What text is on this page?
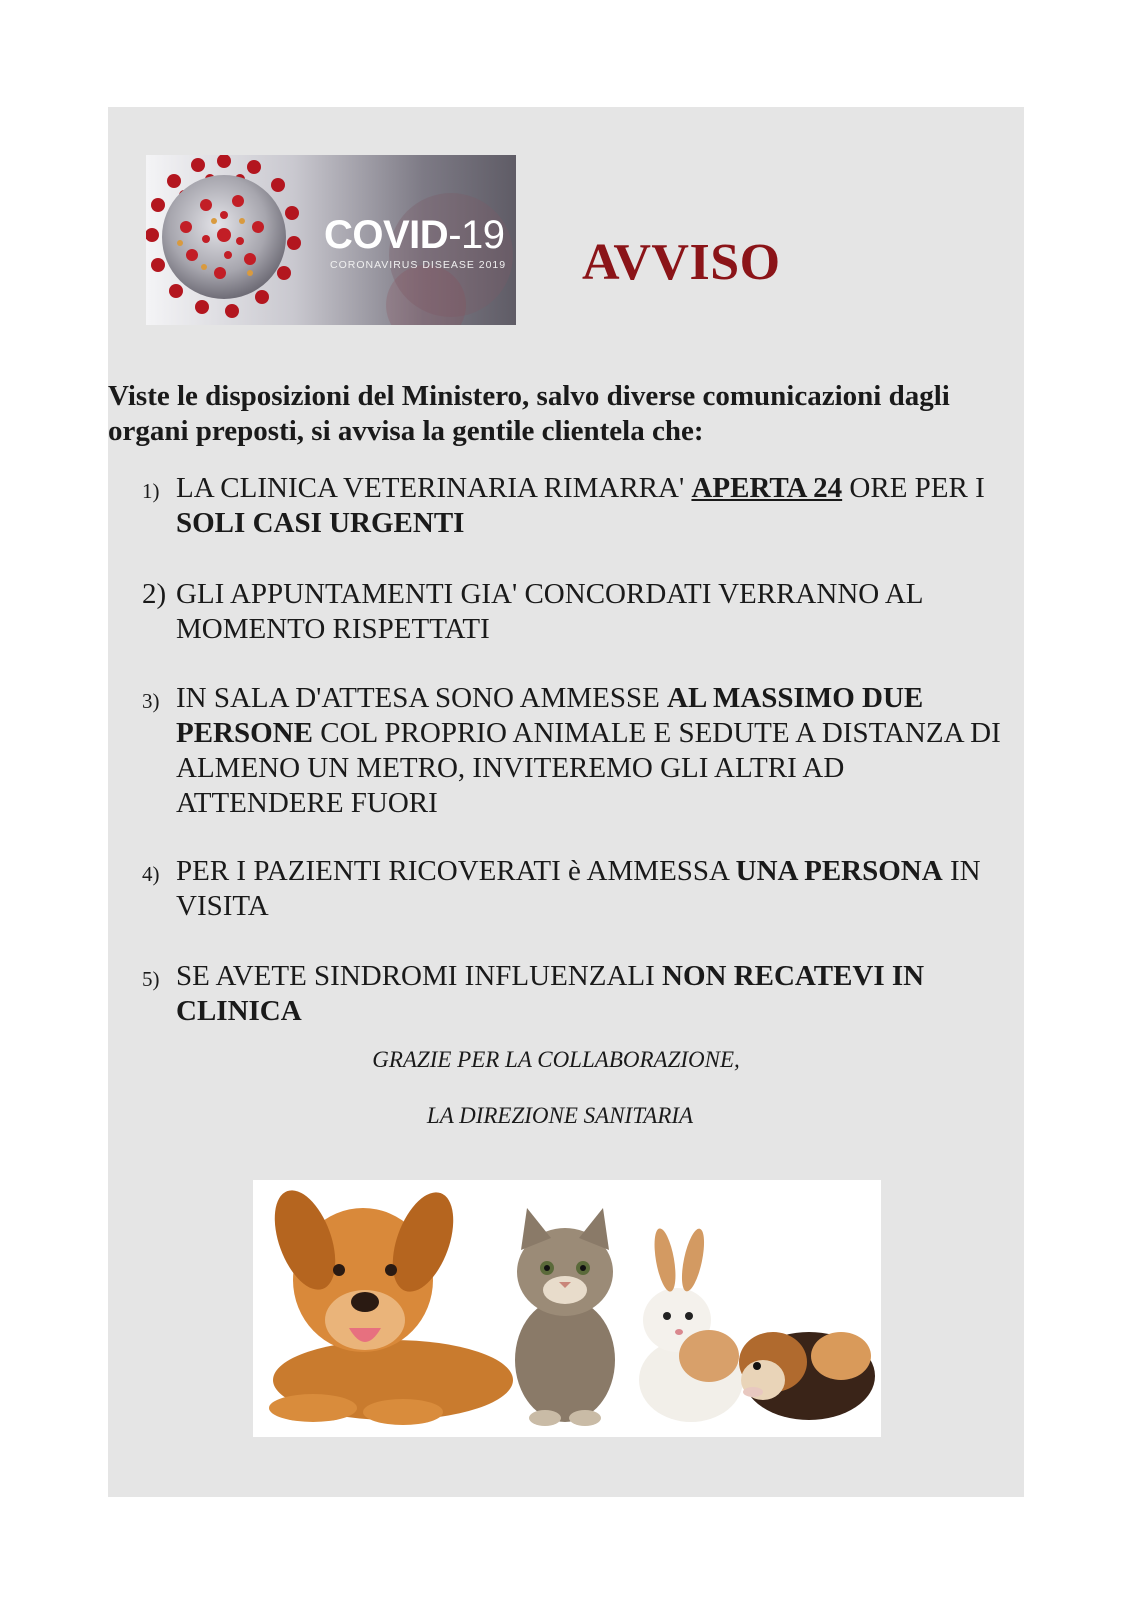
COVID-19
CORONAVIRUS DISEASE 2019 AVVISO
Viste le disposizioni del Ministero, salvo diverse comunicazioni dagli organi preposti, si avvisa la gentile clientela che:
1) LA CLINICA VETERINARIA RIMARRA' APERTA 24 ORE PER I SOLI CASI URGENTI
2) GLI APPUNTAMENTI GIA' CONCORDATI VERRANNO AL MOMENTO RISPETTATI
3) IN SALA D'ATTESA SONO AMMESSE AL MASSIMO DUE PERSONE COL PROPRIO ANIMALE E SEDUTE A DISTANZA DI ALMENO UN METRO, INVITEREMO GLI ALTRI AD ATTENDERE FUORI
4) PER I PAZIENTI RICOVERATI è AMMESSA UNA PERSONA IN VISITA
5) SE AVETE SINDROMI INFLUENZALI NON RECATEVI IN CLINICA
GRAZIE PER LA COLLABORAZIONE,
LA DIREZIONE SANITARIA
